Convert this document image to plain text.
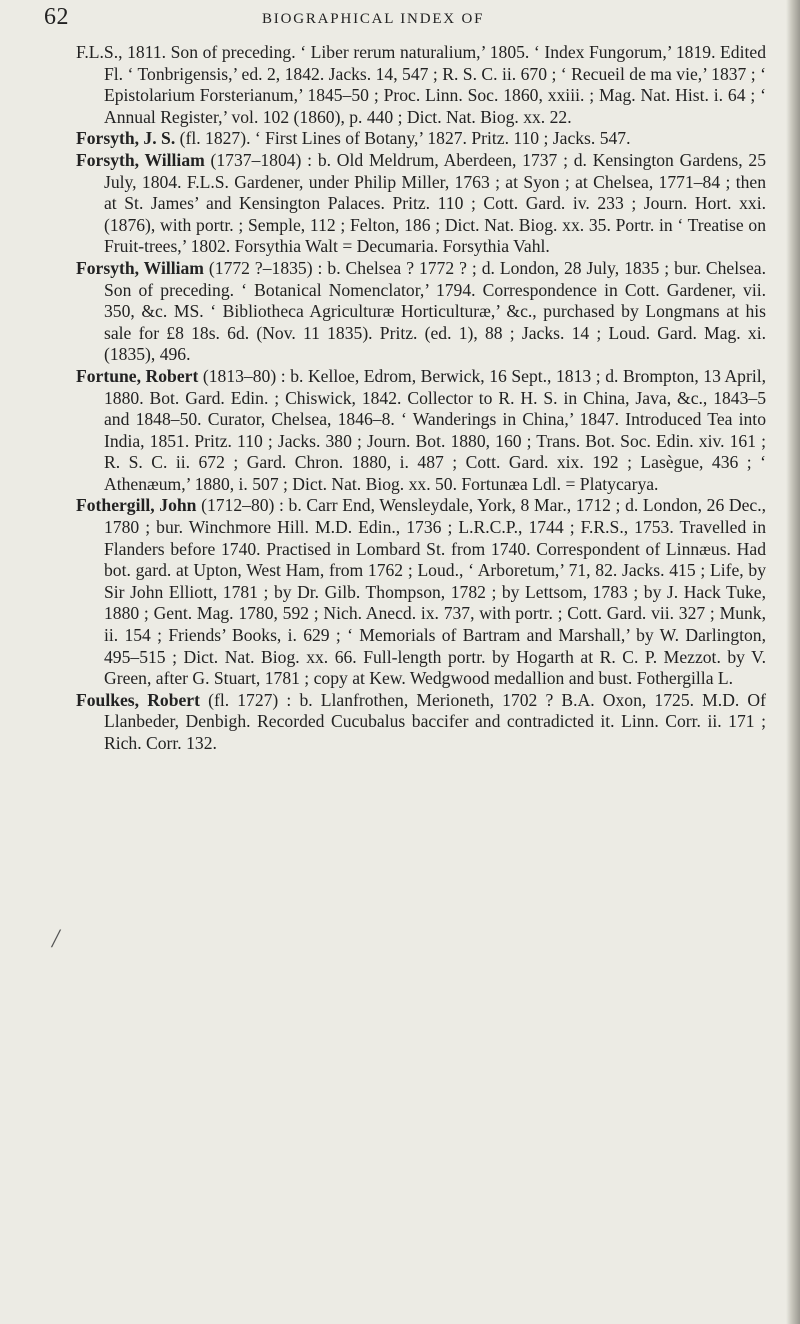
62	BIOGRAPHICAL INDEX OF
/

F.L.S., 1811. Son of preceding. ‘ Liber rerum naturalium,’ 1805. ‘ Index Fungorum,’ 1819. Edited Fl. ‘ Tonbrigensis,’ ed. 2, 1842. Jacks. 14, 547 ; R. S. C. ii. 670 ; ‘ Recueil de ma vie,’ 1837 ; ‘ Epistolarium Forsterianum,’ 1845–50 ; Proc. Linn. Soc. 1860, xxiii. ; Mag. Nat. Hist. i. 64 ; ‘ Annual Register,’ vol. 102 (1860), p. 440 ; Dict. Nat. Biog. xx. 22.

Forsyth, J. S. (fl. 1827). ‘ First Lines of Botany,’ 1827. Pritz. 110 ; Jacks. 547.

Forsyth, William (1737–1804) : b. Old Meldrum, Aberdeen, 1737 ; d. Kensington Gardens, 25 July, 1804. F.L.S. Gardener, under Philip Miller, 1763 ; at Syon ; at Chelsea, 1771–84 ; then at St. James’ and Kensington Palaces. Pritz. 110 ; Cott. Gard. iv. 233 ; Journ. Hort. xxi. (1876), with portr. ; Semple, 112 ; Felton, 186 ; Dict. Nat. Biog. xx. 35. Portr. in ‘ Treatise on Fruit-trees,’ 1802. Forsythia Walt = Decumaria. Forsythia Vahl.

Forsyth, William (1772 ?–1835) : b. Chelsea ? 1772 ? ; d. London, 28 July, 1835 ; bur. Chelsea. Son of preceding. ‘ Botanical Nomenclator,’ 1794. Correspondence in Cott. Gardener, vii. 350, &c. MS. ‘ Bibliotheca Agriculturæ Horticulturæ,’ &c., purchased by Longmans at his sale for £8 18s. 6d. (Nov. 11 1835). Pritz. (ed. 1), 88 ; Jacks. 14 ; Loud. Gard. Mag. xi. (1835), 496.

Fortune, Robert (1813–80) : b. Kelloe, Edrom, Berwick, 16 Sept., 1813 ; d. Brompton, 13 April, 1880. Bot. Gard. Edin. ; Chiswick, 1842. Collector to R. H. S. in China, Java, &c., 1843–5 and 1848–50. Curator, Chelsea, 1846–8. ‘ Wanderings in China,’ 1847. Introduced Tea into India, 1851. Pritz. 110 ; Jacks. 380 ; Journ. Bot. 1880, 160 ; Trans. Bot. Soc. Edin. xiv. 161 ; R. S. C. ii. 672 ; Gard. Chron. 1880, i. 487 ; Cott. Gard. xix. 192 ; Lasègue, 436 ; ‘ Athenæum,’ 1880, i. 507 ; Dict. Nat. Biog. xx. 50. Fortunæa Ldl. = Platycarya.

Fothergill, John (1712–80) : b. Carr End, Wensleydale, York, 8 Mar., 1712 ; d. London, 26 Dec., 1780 ; bur. Winchmore Hill. M.D. Edin., 1736 ; L.R.C.P., 1744 ; F.R.S., 1753. Travelled in Flanders before 1740. Practised in Lombard St. from 1740. Correspondent of Linnæus. Had bot. gard. at Upton, West Ham, from 1762 ; Loud., ‘ Arboretum,’ 71, 82. Jacks. 415 ; Life, by Sir John Elliott, 1781 ; by Dr. Gilb. Thompson, 1782 ; by Lettsom, 1783 ; by J. Hack Tuke, 1880 ; Gent. Mag. 1780, 592 ; Nich. Anecd. ix. 737, with portr. ; Cott. Gard. vii. 327 ; Munk, ii. 154 ; Friends’ Books, i. 629 ; ‘ Memorials of Bartram and Marshall,’ by W. Darlington, 495–515 ; Dict. Nat. Biog. xx. 66. Full-length portr. by Hogarth at R. C. P. Mezzot. by V. Green, after G. Stuart, 1781 ; copy at Kew. Wedgwood medallion and bust. Fothergilla L.

Foulkes, Robert (fl. 1727) : b. Llanfrothen, Merioneth, 1702 ? B.A. Oxon, 1725. M.D. Of Llanbeder, Denbigh. Recorded Cucubalus baccifer and contradicted it. Linn. Corr. ii. 171 ; Rich. Corr. 132.
